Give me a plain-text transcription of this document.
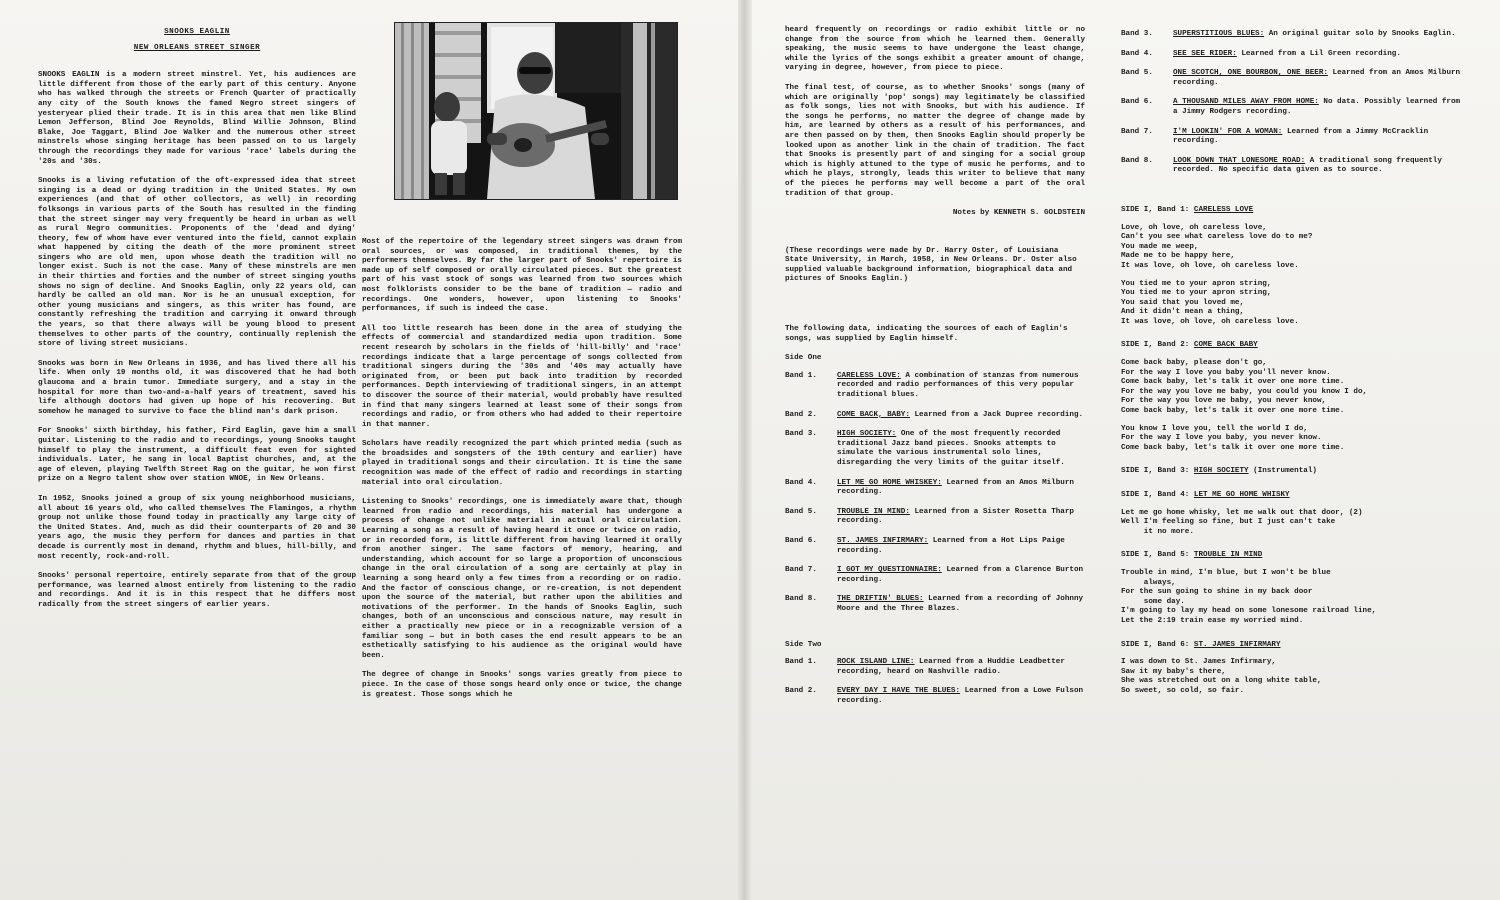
SNOOKS EAGLIN
NEW ORLEANS STREET SINGER

SNOOKS EAGLIN is a modern street minstrel. Yet, his audiences are little different from those of the early part of this century. Anyone who has walked through the streets or French Quarter of practically any city of the South knows the famed Negro street singers of yesteryear plied their trade. It is in this area that men like Blind Lemon Jefferson, Blind Joe Reynolds, Blind Willie Johnson, Blind Blake, Joe Taggart, Blind Joe Walker and the numerous other street minstrels whose singing heritage has been passed on to us largely through the recordings they made for various 'race' labels during the '20s and '30s.

Snooks is a living refutation of the oft-expressed idea that street singing is a dead or dying tradition in the United States. My own experiences (and that of other collectors, as well) in recording folksongs in various parts of the South has resulted in the finding that the street singer may very frequently be heard in urban as well as rural Negro communities. Proponents of the 'dead and dying' theory, few of whom have ever ventured into the field, cannot explain what happened by citing the death of the more prominent street singers who are old men, upon whose death the tradition will no longer exist. Such is not the case. Many of these minstrels are men in their thirties and forties and the number of street singing youths shows no sign of decline. And Snooks Eaglin, only 22 years old, can hardly be called an old man. Nor is he an unusual exception, for other young musicians and singers, as this writer has found, are constantly refreshing the tradition and carrying it onward through the years, so that there always will be young blood to present themselves to other parts of the country, continually replenish the store of living street musicians.

Snooks was born in New Orleans in 1936, and has lived there all his life. When only 19 months old, it was discovered that he had both glaucoma and a brain tumor. Immediate surgery, and a stay in the hospital for more than two-and-a-half years of treatment, saved his life although doctors had given up hope of his recovering. But somehow he managed to survive to face the blind man's dark prison.

For Snooks' sixth birthday, his father, Fird Eaglin, gave him a small guitar. Listening to the radio and to recordings, young Snooks taught himself to play the instrument, a difficult feat even for sighted individuals. Later, he sang in local Baptist churches, and, at the age of eleven, playing Twelfth Street Rag on the guitar, he won first prize on a Negro talent show over station WNOE, in New Orleans.

In 1952, Snooks joined a group of six young neighborhood musicians, all about 16 years old, who called themselves The Flamingos, a rhythm group not unlike those found today in practically any large city of the United States. And, much as did their counterparts of 20 and 30 years ago, the music they perform for dances and parties in that decade is currently most in demand, rhythm and blues, hill-billy, and most recently, rock-and-roll.

Snooks' personal repertoire, entirely separate from that of the group performance, was learned almost entirely from listening to the radio and recordings. And it is in this respect that he differs most radically from the street singers of earlier years.

Most of the repertoire of the legendary street singers was drawn from oral sources, or was composed, in traditional themes, by the performers themselves. By far the larger part of Snooks' repertoire is made up of self composed or orally circulated pieces. But the greatest part of his vast stock of songs was learned from two sources which most folklorists consider to be the bane of tradition — radio and recordings. One wonders, however, upon listening to Snooks' performances, if such is indeed the case.

All too little research has been done in the area of studying the effects of commercial and standardized media upon tradition. Some recent research by scholars in the fields of 'hill-billy' and 'race' recordings indicate that a large percentage of songs collected from traditional singers during the '30s and '40s may actually have originated from, or been put back into tradition by recorded performances. Depth interviewing of traditional singers, in an attempt to discover the source of their material, would probably have resulted in find that many singers learned at least some of their songs from recordings and radio, or from others who had added to their repertoire in that manner.

Scholars have readily recognized the part which printed media (such as the broadsides and songsters of the 19th century and earlier) have played in traditional songs and their circulation. It is time the same recognition was made of the effect of radio and recordings in starting material into oral circulation.

Listening to Snooks' recordings, one is immediately aware that, though learned from radio and recordings, his material has undergone a process of change not unlike material in actual oral circulation. Learning a song as a result of having heard it once or twice on radio, or in recorded form, is little different from having learned it orally from another singer. The same factors of memory, hearing, and understanding, which account for so large a proportion of unconscious change in the oral circulation of a song are certainly at play in learning a song heard only a few times from a recording or on radio. And the factor of conscious change, or re-creation, is not dependent upon the source of the material, but rather upon the abilities and motivations of the performer. In the hands of Snooks Eaglin, such changes, both of an unconscious and conscious nature, may result in either a practically new piece or in a recognizable version of a familiar song — but in both cases the end result appears to be an esthetically satisfying to his audience as the original would have been.

The degree of change in Snooks' songs varies greatly from piece to piece. In the case of those songs heard only once or twice, the change is greatest. Those songs which he

heard frequently on recordings or radio exhibit little or no change from the source from which he learned them. Generally speaking, the music seems to have undergone the least change, while the lyrics of the songs exhibit a greater amount of change, varying in degree, however, from piece to piece.

The final test, of course, as to whether Snooks' songs (many of which are originally 'pop' songs) may legitimately be classified as folk songs, lies not with Snooks, but with his audience. If the songs he performs, no matter the degree of change made by him, are learned by others as a result of his performances, and are then passed on by them, then Snooks Eaglin should properly be looked upon as another link in the chain of tradition. The fact that Snooks is presently part of and singing for a social group which is highly attuned to the type of music he performs, and to which he plays, strongly, leads this writer to believe that many of the pieces he performs may well become a part of the oral tradition of that group.

Notes by KENNETH S. GOLDSTEIN

(These recordings were made by Dr. Harry Oster, of Louisiana State University, in March, 1958, in New Orleans. Dr. Oster also supplied valuable background information, biographical data and pictures of Snooks Eaglin.)

The following data, indicating the sources of each of Eaglin's songs, was supplied by Eaglin himself.

Side One
Band 1.	CARELESS LOVE: A combination of stanzas from numerous recorded and radio performances of this very popular traditional blues.
Band 2.	COME BACK, BABY: Learned from a Jack Dupree recording.
Band 3.	HIGH SOCIETY: One of the most frequently recorded traditional Jazz band pieces. Snooks attempts to simulate the various instrumental solo lines, disregarding the very limits of the guitar itself.
Band 4.	LET ME GO HOME WHISKEY: Learned from an Amos Milburn recording.
Band 5.	TROUBLE IN MIND: Learned from a Sister Rosetta Tharp recording.
Band 6.	ST. JAMES INFIRMARY: Learned from a Hot Lips Paige recording.
Band 7.	I GOT MY QUESTIONNAIRE: Learned from a Clarence Burton recording.
Band 8.	THE DRIFTIN' BLUES: Learned from a recording of Johnny Moore and the Three Blazes.
Side Two
Band 1.	ROCK ISLAND LINE: Learned from a Huddie Leadbetter recording, heard on Nashville radio.
Band 2.	EVERY DAY I HAVE THE BLUES: Learned from a Lowe Fulson recording.
Band 3.	SUPERSTITIOUS BLUES: An original guitar solo by Snooks Eaglin.
Band 4.	SEE SEE RIDER: Learned from a Lil Green recording.
Band 5.	ONE SCOTCH, ONE BOURBON, ONE BEER: Learned from an Amos Milburn recording.
Band 6.	A THOUSAND MILES AWAY FROM HOME: No data. Possibly learned from a Jimmy Rodgers recording.
Band 7.	I'M LOOKIN' FOR A WOMAN: Learned from a Jimmy McCracklin recording.
Band 8.	LOOK DOWN THAT LONESOME ROAD: A traditional song frequently recorded. No specific data given as to source.
SIDE I, Band 1: CARELESS LOVE
Love, oh love, oh careless love,
Can't you see what careless love do to me?
You made me weep,
Made me to be happy here,
It was love, oh love, oh careless love.
You tied me to your apron string,
You tied me to your apron string,
You said that you loved me,
And it didn't mean a thing,
It was love, oh love, oh careless love.
SIDE I, Band 2: COME BACK BABY
Come back baby, please don't go,
For the way I love you baby you'll never know.
Come back baby, let's talk it over one more time.
For the way you love me baby, you could you know I do,
For the way you love me baby, you never know,
Come back baby, let's talk it over one more time.
You know I love you, tell the world I do,
For the way I love you baby, you never know.
Come back baby, let's talk it over one more time.
SIDE I, Band 3: HIGH SOCIETY (Instrumental)
SIDE I, Band 4: LET ME GO HOME WHISKY
Let me go home whisky, let me walk out that door, (2)
Well I'm feeling so fine, but I just can't take
it no more.
SIDE I, Band 5: TROUBLE IN MIND
Trouble in mind, I'm blue, but I won't be blue
always,
For the sun going to shine in my back door
some day.
I'm going to lay my head on some lonesome railroad line,
Let the 2:19 train ease my worried mind.
SIDE I, Band 6: ST. JAMES INFIRMARY
I was down to St. James Infirmary,
Saw it my baby's there,
She was stretched out on a long white table,
So sweet, so cold, so fair.
